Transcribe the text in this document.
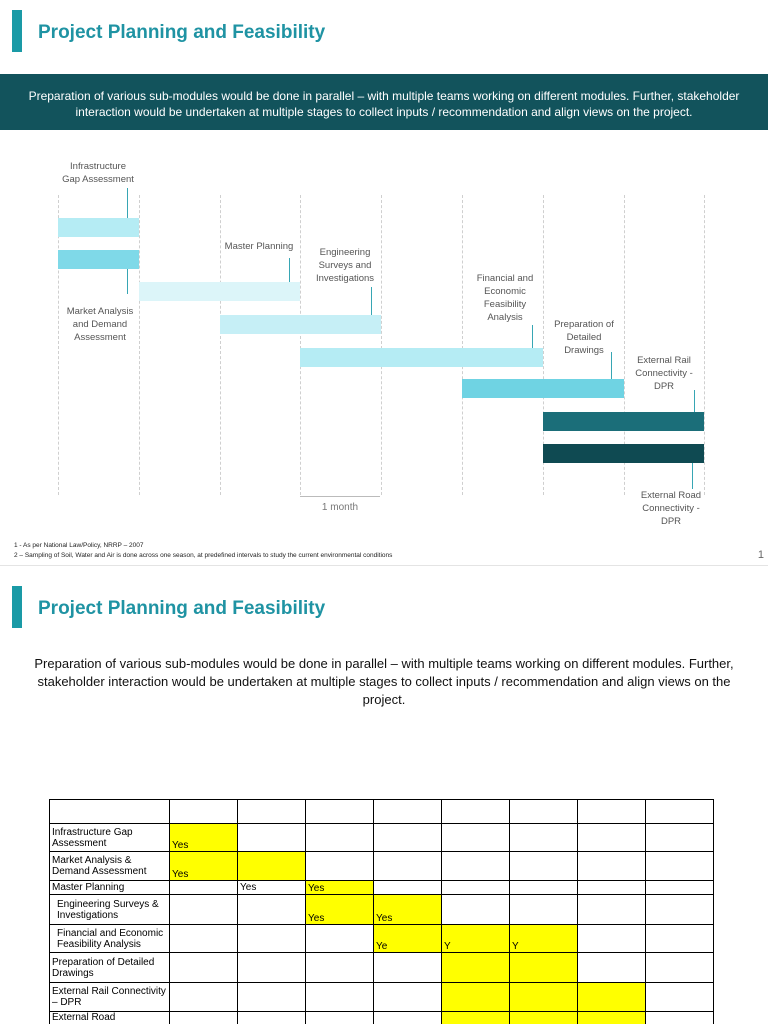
Project Planning and Feasibility
Preparation of various sub-modules would be done in parallel – with multiple teams working on different modules. Further, stakeholder interaction would be undertaken at multiple stages to collect inputs / recommendation and align views on the project.
Infrastructure
Gap Assessment
Market Analysis
and Demand
Assessment
Master Planning
Engineering
Surveys and
Investigations	Financial and
Economic
Feasibility
Analysis
Preparation of
Detailed
Drawings
External Rail
Connectivity -
DPR
External Road
Connectivity -
DPR
1 month
1 - As per National Law/Policy, NRRP – 2007
2 – Sampling of Soil, Water and Air is done across one season, at predefined intervals to study the current environmental conditions	1
Project Planning and Feasibility
Preparation of various sub-modules would be done in parallel – with multiple teams working on different modules. Further, stakeholder interaction would be undertaken at multiple stages to collect inputs / recommendation and align views on the project.

Infrastructure Gap Assessment	Yes							
Market Analysis & Demand Assessment	Yes							
Master Planning		Yes	Yes					
Engineering Surveys & Investigations			Yes	Yes				
Financial and Economic Feasibility Analysis				Ye	Y	Y		
Preparation of Detailed Drawings								
External Rail Connectivity – DPR								
External Road								
